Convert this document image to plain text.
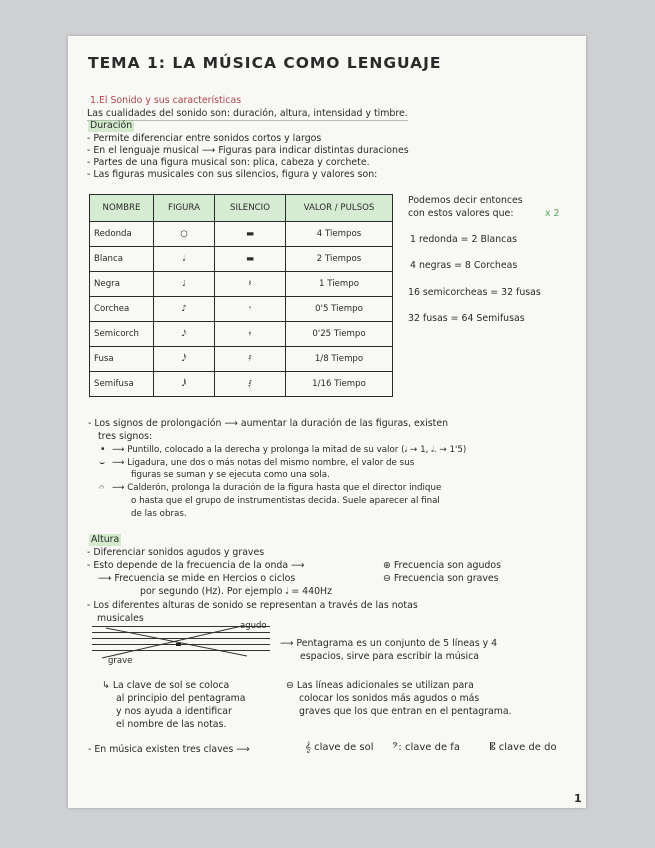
TEMA 1: LA MÚSICA COMO LENGUAJE
1.El Sonido y sus características
Las cualidades del sonido son: duración, altura, intensidad y timbre.
Duración
- Permite diferenciar entre sonidos cortos y largos
- En el lenguaje musical ⟶ Figuras para indicar distintas duraciones
- Partes de una figura musical son: plica, cabeza y corchete.
- Las figuras musicales con sus silencios, figura y valores son:
NOMBRE	FIGURA	SILENCIO	VALOR / PULSOS
Redonda	○	▬	4 Tiempos
Blanca	𝅗𝅥	▬	2 Tiempos
Negra	♩	𝄽	1 Tiempo
Corchea	♪	𝄾	0'5 Tiempo
Semicorch	𝅘𝅥𝅯	𝄿	0'25 Tiempo
Fusa	𝅘𝅥𝅰	𝅀	1/8 Tiempo
Semifusa	𝅘𝅥𝅱	𝅁	1/16 Tiempo
Podemos decir entonces
con estos valores que:	x 2
1 redonda = 2 Blancas
4 negras = 8 Corcheas
16 semicorcheas = 32 fusas
32 fusas = 64 Semifusas
- Los signos de prolongación ⟶ aumentar la duración de las figuras, existen
tres signos:
• ⟶ Puntillo, colocado a la derecha y prolonga la mitad de su valor (𝅗𝅥 → 1, 𝅗𝅥. → 1'5)
⌣ ⟶ Ligadura, une dos o más notas del mismo nombre, el valor de sus
figuras se suman y se ejecuta como una sola.
𝄐 ⟶ Calderón, prolonga la duración de la figura hasta que el director indique
o hasta que el grupo de instrumentistas decida. Suele aparecer al final
de las obras.
Altura
- Diferenciar sonidos agudos y graves
- Esto depende de la frecuencia de la onda ⟶
⟶ Frecuencia se mide en Hercios o ciclos
por segundo (Hz). Por ejemplo 𝅗𝅥 = 440Hz
⊕ Frecuencia son agudos
⊖ Frecuencia son graves
- Los diferentes alturas de sonido se representan a través de las notas
musicales
agudo
grave
⟶ Pentagrama es un conjunto de 5 líneas y 4
espacios, sirve para escribir la música
↳ La clave de sol se coloca
al principio del pentagrama
y nos ayuda a identificar
el nombre de las notas.
⊖ Las líneas adicionales se utilizan para
colocar los sonidos más agudos o más
graves que los que entran en el pentagrama.
- En música existen tres claves ⟶	𝄞 clave de sol 𝄢: clave de fa	𝄡 clave de do
1
